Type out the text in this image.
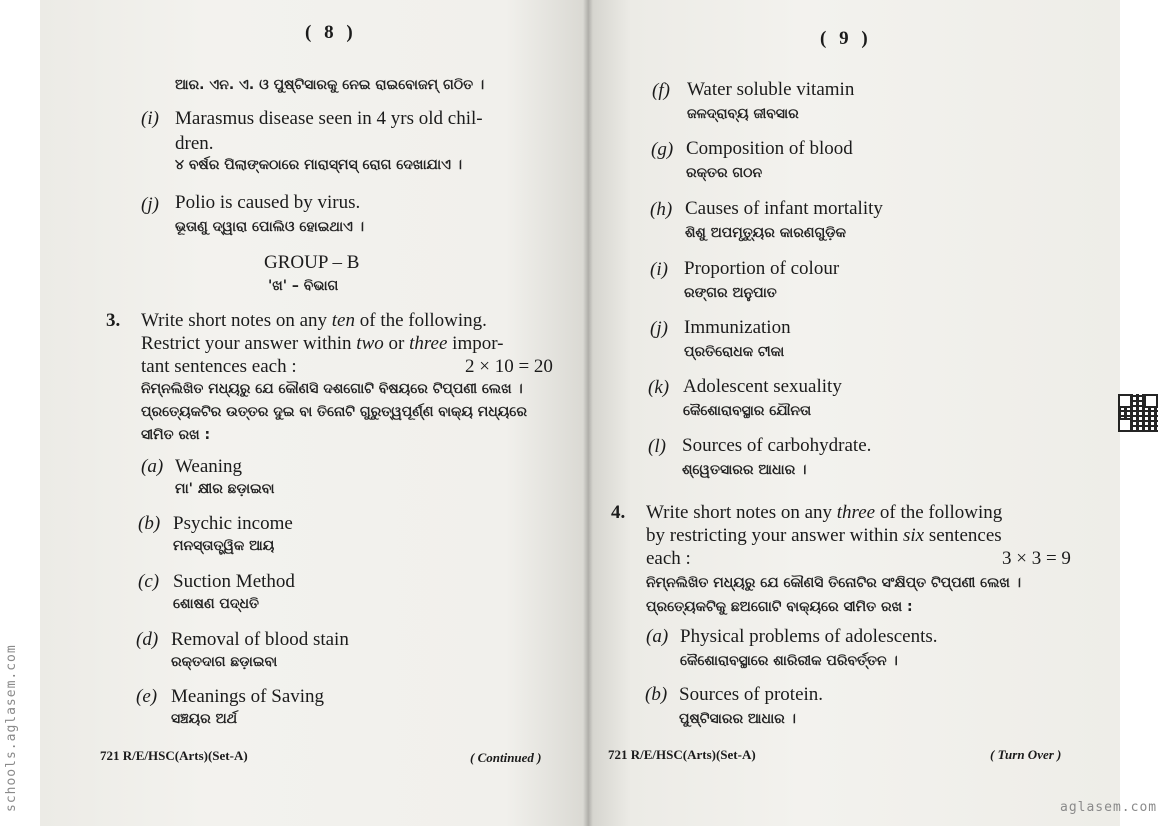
( 8 )
ଆର. ଏନ. ଏ. ଓ ପୁଷ୍ଟିସାରକୁ ନେଇ ରାଇବୋଜମ୍ ଗଠିତ ।
(i) Marasmus disease seen in 4 yrs old chil-
dren.
୪ ବର୍ଷର ପିଲାଙ୍କଠାରେ ମାରାସ୍ମସ୍ ରୋଗ ଦେଖାଯାଏ ।
(j) Polio is caused by virus.
ଭୂତାଣୁ ଦ୍ୱାରା ପୋଲିଓ ହୋଇଥାଏ ।
GROUP – B
'ଖ' – ବିଭାଗ
3. Write short notes on any ten of the following.
Restrict your answer within two or three impor-
tant sentences each :	2 × 10 = 20
ନିମ୍ନଲିଖିତ ମଧ୍ୟରୁ ଯେ କୌଣସି ଦଶଗୋଟି ବିଷୟରେ ଟିପ୍ପଣୀ ଲେଖ ।
ପ୍ରତ୍ୟେକଟିର ଉତ୍ତର ଦୁଇ ବା ତିନୋଟି ଗୁରୁତ୍ୱପୂର୍ଣ୍ଣ ବାକ୍ୟ ମଧ୍ୟରେ
ସୀମିତ ରଖ :
(a) Weaning
ମା' କ୍ଷୀର ଛଡ଼ାଇବା
(b) Psychic income
ମନସ୍ତାତ୍ତ୍ୱିକ ଆୟ
(c) Suction Method
ଶୋଷଣ ପଦ୍ଧତି
(d) Removal of blood stain
ରକ୍ତଦାଗ ଛଡ଼ାଇବା
(e) Meanings of Saving
ସଞ୍ଚୟର ଅର୍ଥ
721 R/E/HSC(Arts)(Set-A)	( Continued )
( 9 )
(f) Water soluble vitamin
ଜଳଦ୍ରାବ୍ୟ ଜୀବସାର
(g) Composition of blood
ରକ୍ତର ଗଠନ
(h) Causes of infant mortality
ଶିଶୁ ଅପମୃତ୍ୟୁର କାରଣଗୁଡ଼ିକ
(i) Proportion of colour
ରଙ୍ଗର ଅନୁପାତ
(j) Immunization
ପ୍ରତିରୋଧକ ଟୀକା
(k) Adolescent sexuality
କୈଶୋରାବସ୍ଥାର ଯୌନତା
(l) Sources of carbohydrate.
ଶ୍ୱେତସାରର ଆଧାର ।
4. Write short notes on any three of the following
by restricting your answer within six sentences
each :	3 × 3 = 9
ନିମ୍ନଲିଖିତ ମଧ୍ୟରୁ ଯେ କୌଣସି ତିନୋଟିର ସଂକ୍ଷିପ୍ତ ଟିପ୍ପଣୀ ଲେଖ ।
ପ୍ରତ୍ୟେକଟିକୁ ଛଅଗୋଟି ବାକ୍ୟରେ ସୀମିତ ରଖ :
(a) Physical problems of adolescents.
କୈଶୋରାବସ୍ଥାରେ ଶାରିରୀକ ପରିବର୍ତ୍ତନ ।
(b) Sources of protein.
ପୁଷ୍ଟିସାରର ଆଧାର ।
721 R/E/HSC(Arts)(Set-A)	( Turn Over )
schools.aglasem.com	aglasem.com
